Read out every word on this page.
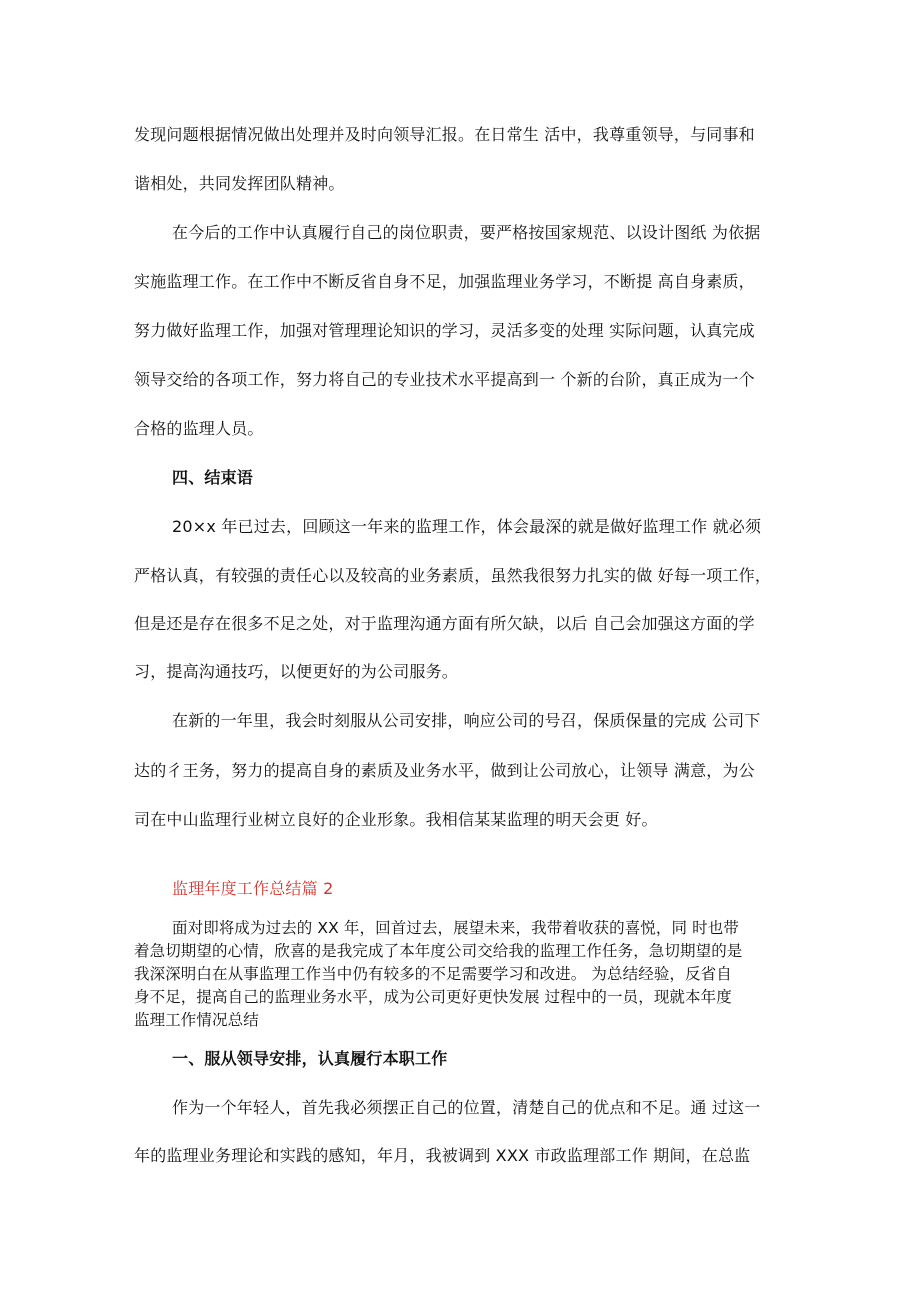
发现问题根据情况做出处理并及时向领导汇报。在日常生 活中，我尊重领导，与同事和
谐相处，共同发挥团队精神。
在今后的工作中认真履行自己的岗位职责，要严格按国家规范、以设计图纸 为依据
实施监理工作。在工作中不断反省自身不足，加强监理业务学习，不断提 高自身素质，
努力做好监理工作，加强对管理理论知识的学习，灵活多变的处理 实际问题，认真完成
领导交给的各项工作，努力将自己的专业技术水平提高到一 个新的台阶，真正成为一个
合格的监理人员。
四、结束语
20×x 年已过去，回顾这一年来的监理工作，体会最深的就是做好监理工作 就必须
严格认真，有较强的责任心以及较高的业务素质，虽然我很努力扎实的做 好每一项工作，
但是还是存在很多不足之处，对于监理沟通方面有所欠缺，以后 自己会加强这方面的学
习，提高沟通技巧，以便更好的为公司服务。
在新的一年里，我会时刻服从公司安排，响应公司的号召，保质保量的完成 公司下
达的彳王务，努力的提高自身的素质及业务水平，做到让公司放心，让领导 满意，为公
司在中山监理行业树立良好的企业形象。我相信某某监理的明天会更 好。
监理年度工作总结篇 2
面对即将成为过去的 XX 年，回首过去，展望未来，我带着收获的喜悦，同 时也带
着急切期望的心情，欣喜的是我完成了本年度公司交给我的监理工作任务，急切期望的是
我深深明白在从事监理工作当中仍有较多的不足需要学习和改进。 为总结经验，反省自
身不足，提高自己的监理业务水平，成为公司更好更快发展 过程中的一员，现就本年度
监理工作情况总结
一、服从领导安排，认真履行本职工作
作为一个年轻人，首先我必须摆正自己的位置，清楚自己的优点和不足。通 过这一
年的监理业务理论和实践的感知，年月，我被调到 XXX 市政监理部工作 期间，在总监
